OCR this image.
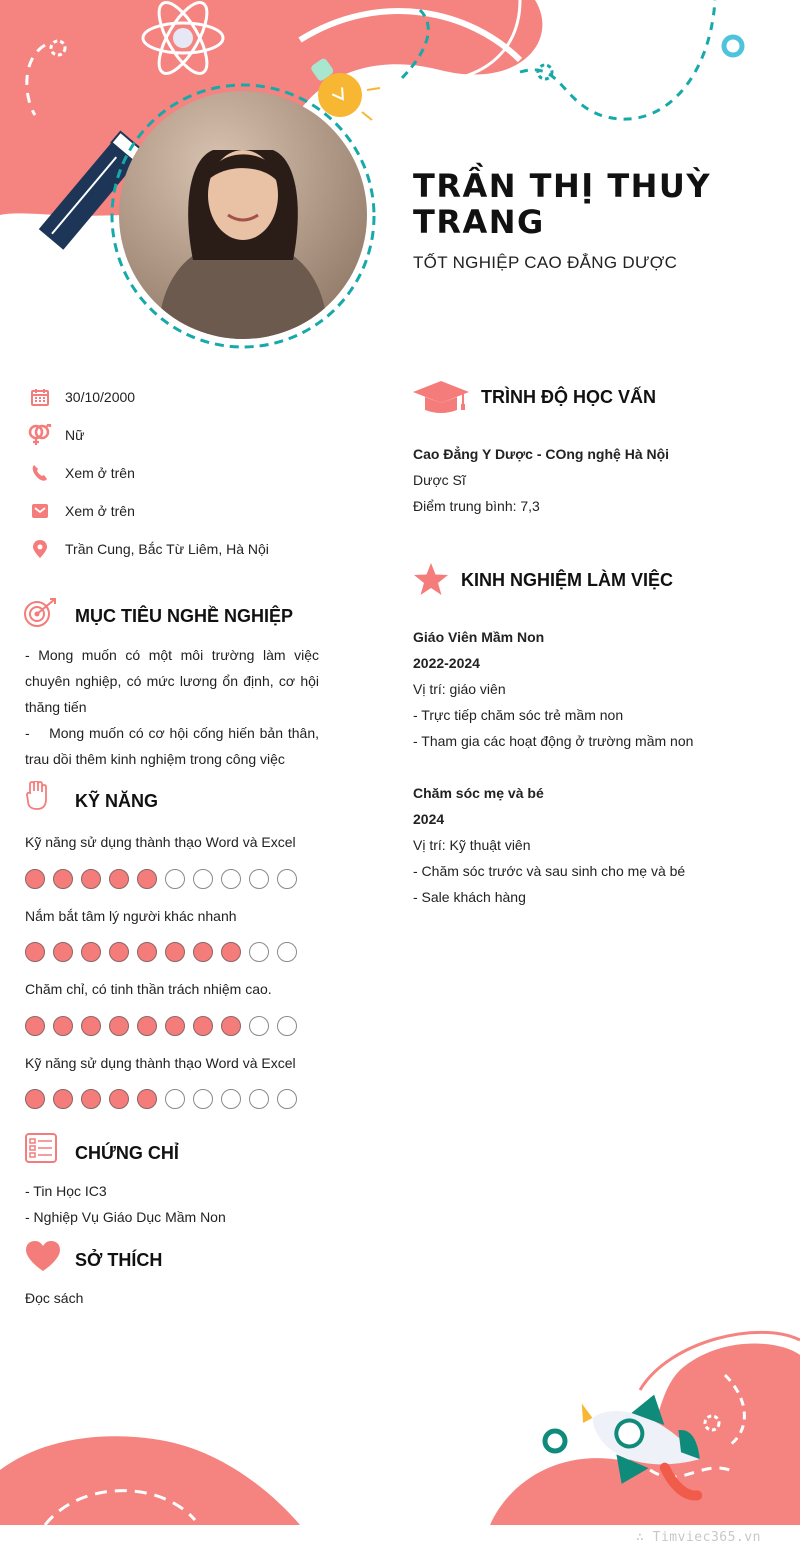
TRẦN THỊ THUỲ TRANG
TỐT NGHIỆP CAO ĐẲNG DƯỢC
30/10/2000
Nữ
Xem ở trên
Xem ở trên
Trần Cung, Bắc Từ Liêm, Hà Nội
MỤC TIÊU NGHỀ NGHIỆP
- Mong muốn có một môi trường làm việc chuyên nghiệp, có mức lương ổn định, cơ hội thăng tiến
-    Mong muốn có cơ hội cống hiến bản thân, trau dồi thêm kinh nghiệm trong công việc
KỸ NĂNG
Kỹ năng sử dụng thành thạo Word và Excel
Nắm bắt tâm lý người khác nhanh
Chăm chỉ, có tinh thần trách nhiệm cao.
Kỹ năng sử dụng thành thạo Word và Excel
CHỨNG CHỈ
- Tin Học IC3
- Nghiệp Vụ Giáo Dục Mầm Non
SỞ THÍCH
Đọc sách
TRÌNH ĐỘ HỌC VẤN
Cao Đẳng Y Dược - COng nghệ Hà Nội
Dược Sĩ
Điểm trung bình: 7,3
KINH NGHIỆM LÀM VIỆC
Giáo Viên Mầm Non
2022-2024
Vị trí: giáo viên
- Trực tiếp chăm sóc trẻ mầm non
- Tham gia các hoạt động ở trường mầm non
Chăm sóc mẹ và bé
2024
Vị trí: Kỹ thuật viên
- Chăm sóc trước và sau sinh cho mẹ và bé
- Sale khách hàng
∴ Timviec365.vn
